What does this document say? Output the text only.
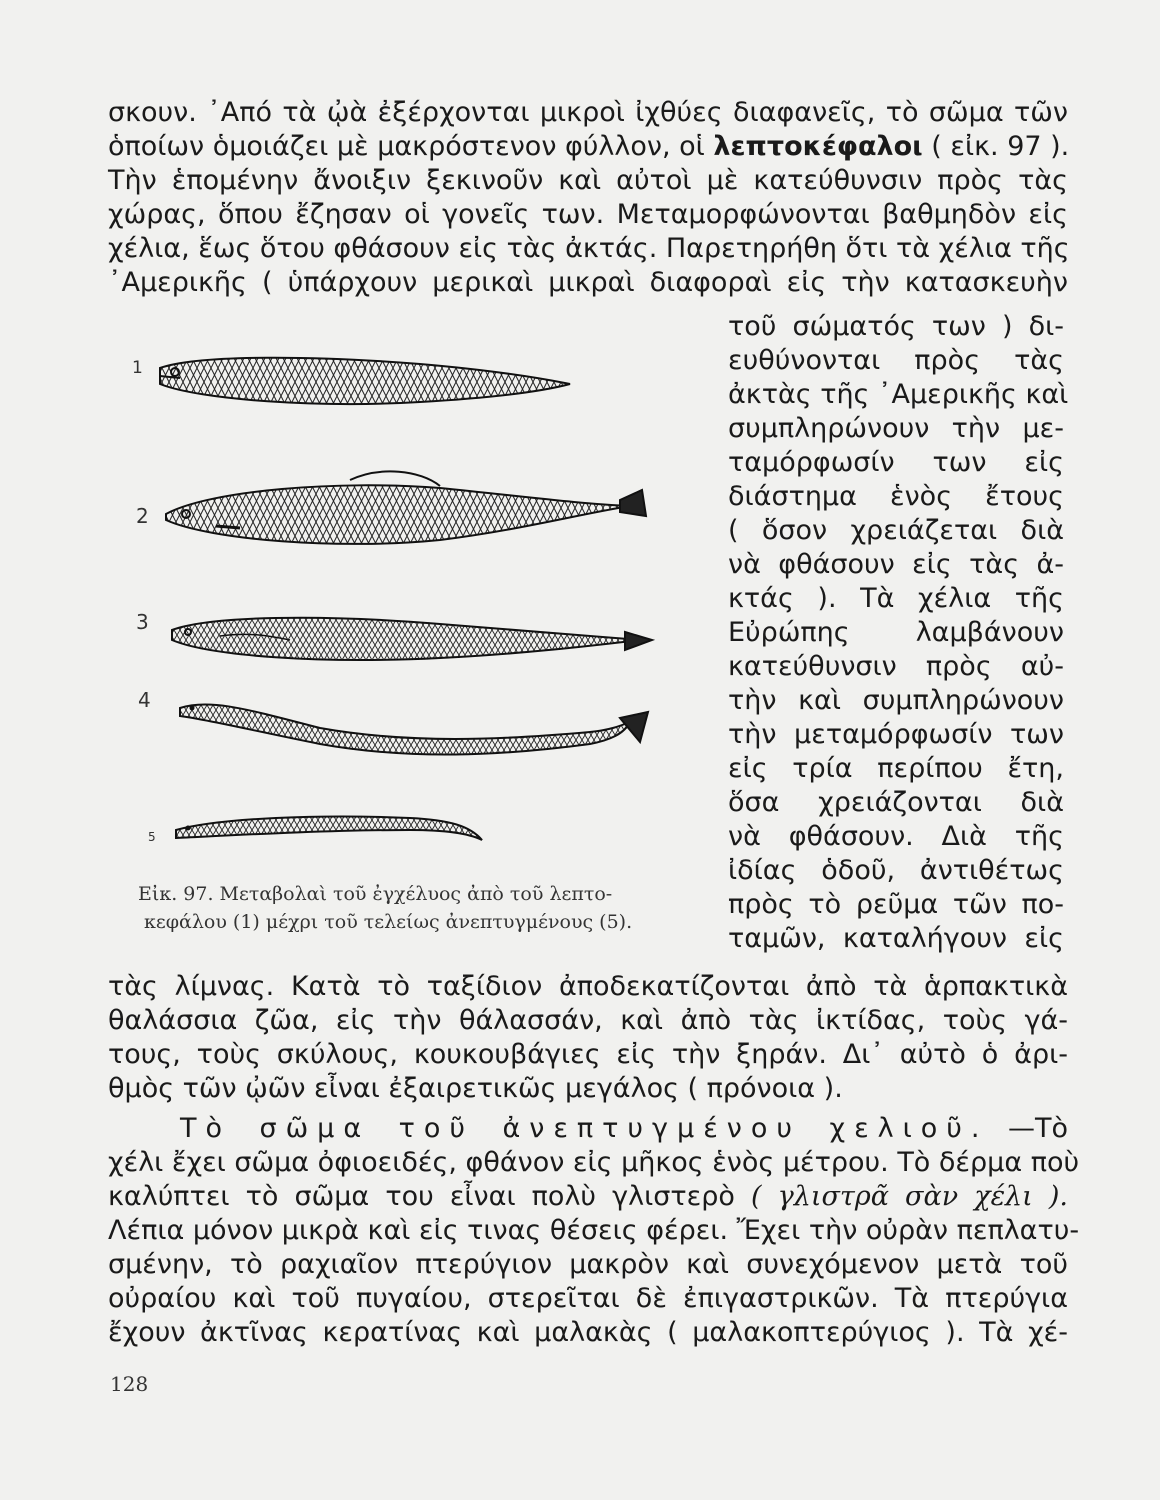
σκουν. ᾿Από τὰ ᾠὰ ἐξέρχονται μικροὶ ἰχθύες διαφανεῖς, τὸ σῶμα τῶν
ὁποίων ὁμοιάζει μὲ μακρόστενον φύλλον, οἱ λεπτοκέφαλοι ( εἰκ. 97 ).
Τὴν ἑπομένην ἄνοιξιν ξεκινοῦν καὶ αὐτοὶ μὲ κατεύθυνσιν πρὸς τὰς
χώρας, ὅπου ἔζησαν οἱ γονεῖς των. Μεταμορφώνονται βαθμηδὸν εἰς
χέλια, ἕως ὅτου φθάσουν εἰς τὰς ἀκτάς. Παρετηρήθη ὅτι τὰ χέλια τῆς
᾿Αμερικῆς ( ὑπάρχουν μερικαὶ μικραὶ διαφοραὶ εἰς τὴν κατασκευὴν
τοῦ σώματός των ) δι-
ευθύνονται πρὸς τὰς
ἀκτὰς τῆς ᾿Αμερικῆς καὶ
συμπληρώνουν τὴν με-
ταμόρφωσίν των εἰς
διάστημα ἑνὸς ἔτους
( ὅσον χρειάζεται διὰ
νὰ φθάσουν εἰς τὰς ἀ-
κτάς ). Τὰ χέλια τῆς
Εὐρώπης λαμβάνουν
κατεύθυνσιν πρὸς αὐ-
τὴν καὶ συμπληρώνουν
τὴν μεταμόρφωσίν των
εἰς τρία περίπου ἔτη,
ὅσα χρειάζονται διὰ
νὰ φθάσουν. Διὰ τῆς
ἰδίας ὁδοῦ, ἀντιθέτως
πρὸς τὸ ρεῦμα τῶν πο-
ταμῶν, καταλήγουν εἰς
1
2
3
4
5
Εἰκ. 97. Μεταβολαὶ τοῦ ἐγχέλυος ἀπὸ τοῦ λεπτο-
κεφάλου (1) μέχρι τοῦ τελείως ἀνεπτυγμένους (5).
τὰς λίμνας. Κατὰ τὸ ταξίδιον ἀποδεκατίζονται ἀπὸ τὰ ἁρπακτικὰ
θαλάσσια ζῶα, εἰς τὴν θάλασσάν, καὶ ἀπὸ τὰς ἰκτίδας, τοὺς γά-
τους, τοὺς σκύλους, κουκουβάγιες εἰς τὴν ξηράν. Δι᾿ αὐτὸ ὁ ἀρι-
θμὸς τῶν ᾠῶν εἶναι ἐξαιρετικῶς μεγάλος ( πρόνοια ).
Τὸ σῶμα τοῦ ἀνεπτυγμένου χελιοῦ. —Τὸ
χέλι ἔχει σῶμα ὀφιοειδές, φθάνον εἰς μῆκος ἑνὸς μέτρου. Τὸ δέρμα ποὺ
καλύπτει τὸ σῶμα του εἶναι πολὺ γλιστερὸ ( γλιστρᾶ σὰν χέλι ).
Λέπια μόνον μικρὰ καὶ εἰς τινας θέσεις φέρει. Ἔχει τὴν οὐρὰν πεπλατυ-
σμένην, τὸ ραχιαῖον πτερύγιον μακρὸν καὶ συνεχόμενον μετὰ τοῦ
οὐραίου καὶ τοῦ πυγαίου, στερεῖται δὲ ἐπιγαστρικῶν. Τὰ πτερύγια
ἔχουν ἀκτῖνας κερατίνας καὶ μαλακὰς ( μαλακοπτερύγιος ). Τὰ χέ-
128
